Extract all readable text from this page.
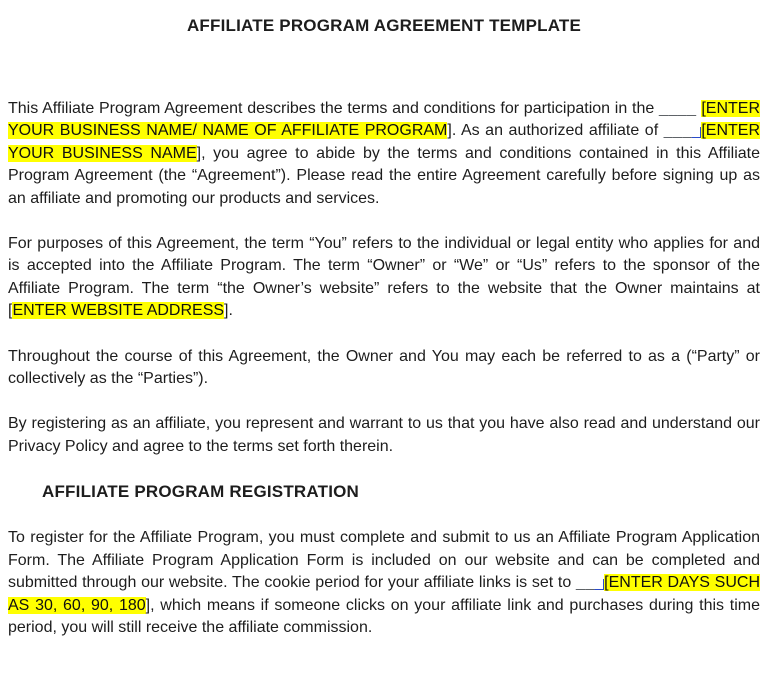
AFFILIATE PROGRAM AGREEMENT TEMPLATE

This Affiliate Program Agreement describes the terms and conditions for participation in the ____ [ENTER YOUR BUSINESS NAME/ NAME OF AFFILIATE PROGRAM]. As an authorized affiliate of ____[ENTER YOUR BUSINESS NAME], you agree to abide by the terms and conditions contained in this Affiliate Program Agreement (the “Agreement”). Please read the entire Agreement carefully before signing up as an affiliate and promoting our products and services.

For purposes of this Agreement, the term “You” refers to the individual or legal entity who applies for and is accepted into the Affiliate Program. The term “Owner” or “We” or “Us” refers to the sponsor of the Affiliate Program. The term “the Owner’s website” refers to the website that the Owner maintains at [ENTER WEBSITE ADDRESS].

Throughout the course of this Agreement, the Owner and You may each be referred to as a (“Party” or collectively as the “Parties”).

By registering as an affiliate, you represent and warrant to us that you have also read and understand our Privacy Policy and agree to the terms set forth therein.

AFFILIATE PROGRAM REGISTRATION

To register for the Affiliate Program, you must complete and submit to us an Affiliate Program Application Form. The Affiliate Program Application Form is included on our website and can be completed and submitted through our website. The cookie period for your affiliate links is set to ___[ENTER DAYS SUCH AS 30, 60, 90, 180], which means if someone clicks on your affiliate link and purchases during this time period, you will still receive the affiliate commission.
